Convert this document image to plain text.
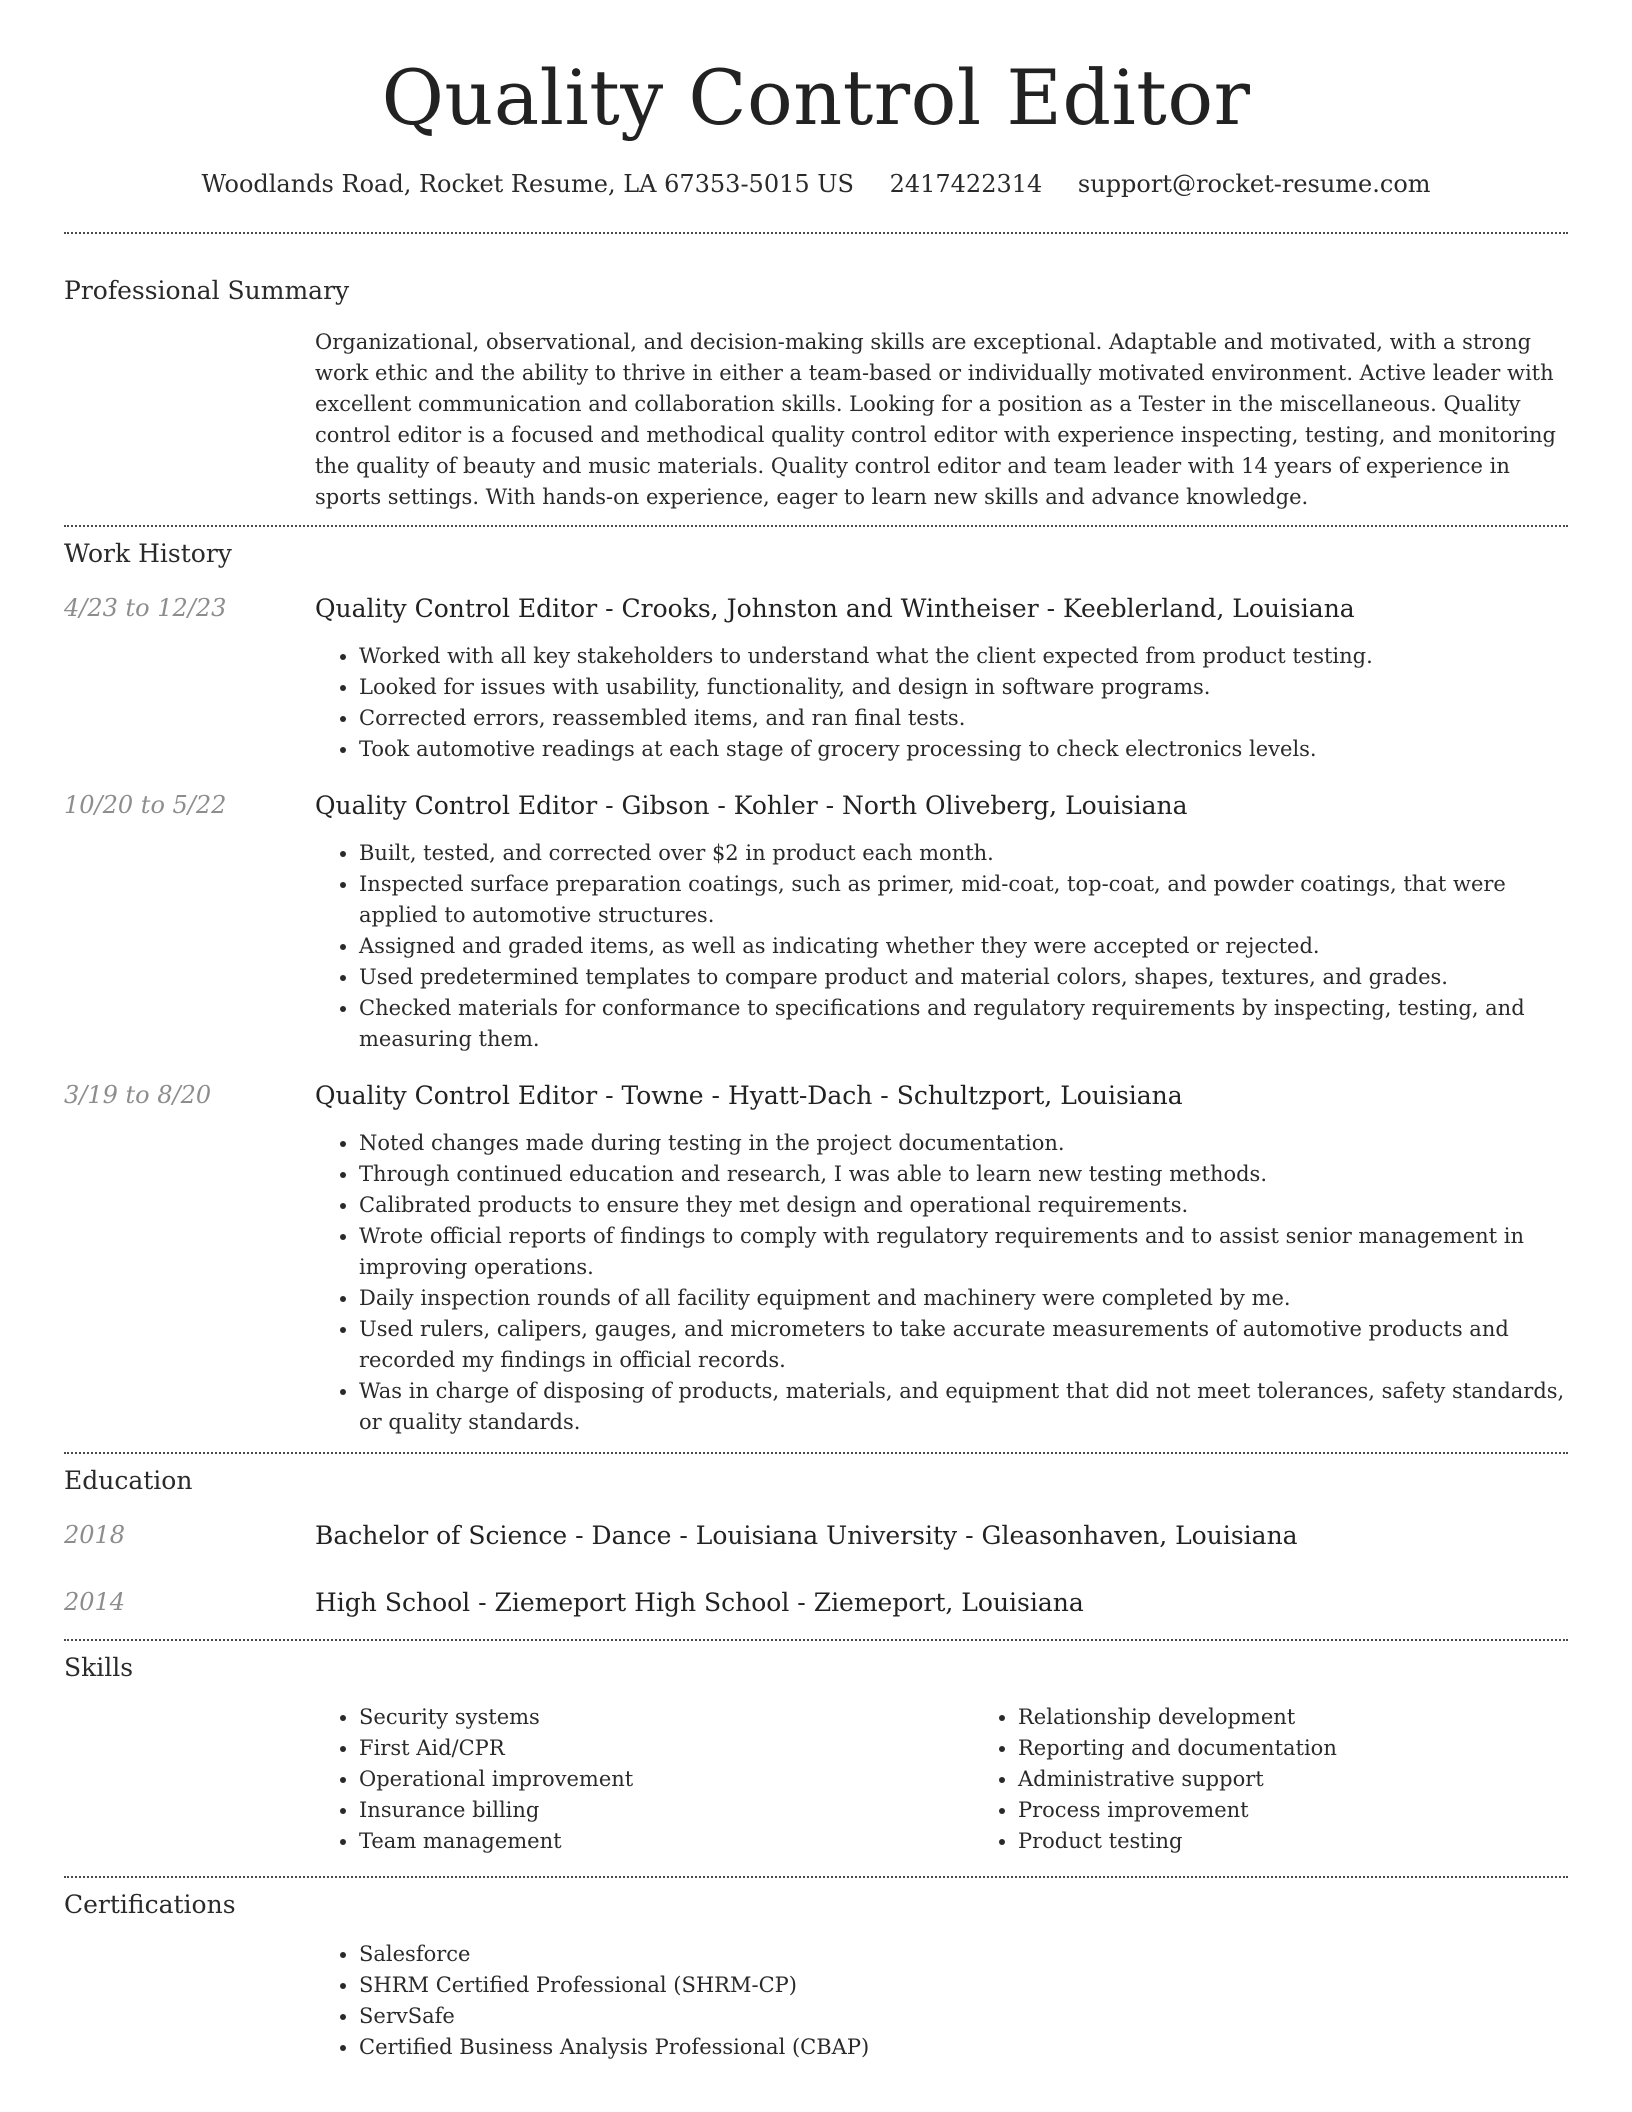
Quality Control Editor
Woodlands Road, Rocket Resume, LA 67353-5015 US 2417422314 support@rocket-resume.com
Professional Summary

Organizational, observational, and decision-making skills are exceptional. Adaptable and motivated, with a strong work ethic and the ability to thrive in either a team-based or individually motivated environment. Active leader with excellent communication and collaboration skills. Looking for a position as a Tester in the miscellaneous. Quality control editor is a focused and methodical quality control editor with experience inspecting, testing, and monitoring the quality of beauty and music materials. Quality control editor and team leader with 14 years of experience in sports settings. With hands-on experience, eager to learn new skills and advance knowledge.

Work History
4/23 to 12/23	Quality Control Editor - Crooks, Johnston and Wintheiser - Keeblerland, Louisiana
• Worked with all key stakeholders to understand what the client expected from product testing.
• Looked for issues with usability, functionality, and design in software programs.
• Corrected errors, reassembled items, and ran final tests.
• Took automotive readings at each stage of grocery processing to check electronics levels.
10/20 to 5/22	Quality Control Editor - Gibson - Kohler - North Oliveberg, Louisiana
• Built, tested, and corrected over $2 in product each month.
• Inspected surface preparation coatings, such as primer, mid-coat, top-coat, and powder coatings, that were applied to automotive structures.
• Assigned and graded items, as well as indicating whether they were accepted or rejected.
• Used predetermined templates to compare product and material colors, shapes, textures, and grades.
• Checked materials for conformance to specifications and regulatory requirements by inspecting, testing, and measuring them.
3/19 to 8/20	Quality Control Editor - Towne - Hyatt-Dach - Schultzport, Louisiana
• Noted changes made during testing in the project documentation.
• Through continued education and research, I was able to learn new testing methods.
• Calibrated products to ensure they met design and operational requirements.
• Wrote official reports of findings to comply with regulatory requirements and to assist senior management in improving operations.
• Daily inspection rounds of all facility equipment and machinery were completed by me.
• Used rulers, calipers, gauges, and micrometers to take accurate measurements of automotive products and recorded my findings in official records.
• Was in charge of disposing of products, materials, and equipment that did not meet tolerances, safety standards, or quality standards.
Education
2018	Bachelor of Science - Dance - Louisiana University - Gleasonhaven, Louisiana
2014	High School - Ziemeport High School - Ziemeport, Louisiana
Skills
• Security systems
• First Aid/CPR
• Operational improvement
• Insurance billing
• Team management
• Relationship development
• Reporting and documentation
• Administrative support
• Process improvement
• Product testing
Certifications
• Salesforce
• SHRM Certified Professional (SHRM-CP)
• ServSafe
• Certified Business Analysis Professional (CBAP)
